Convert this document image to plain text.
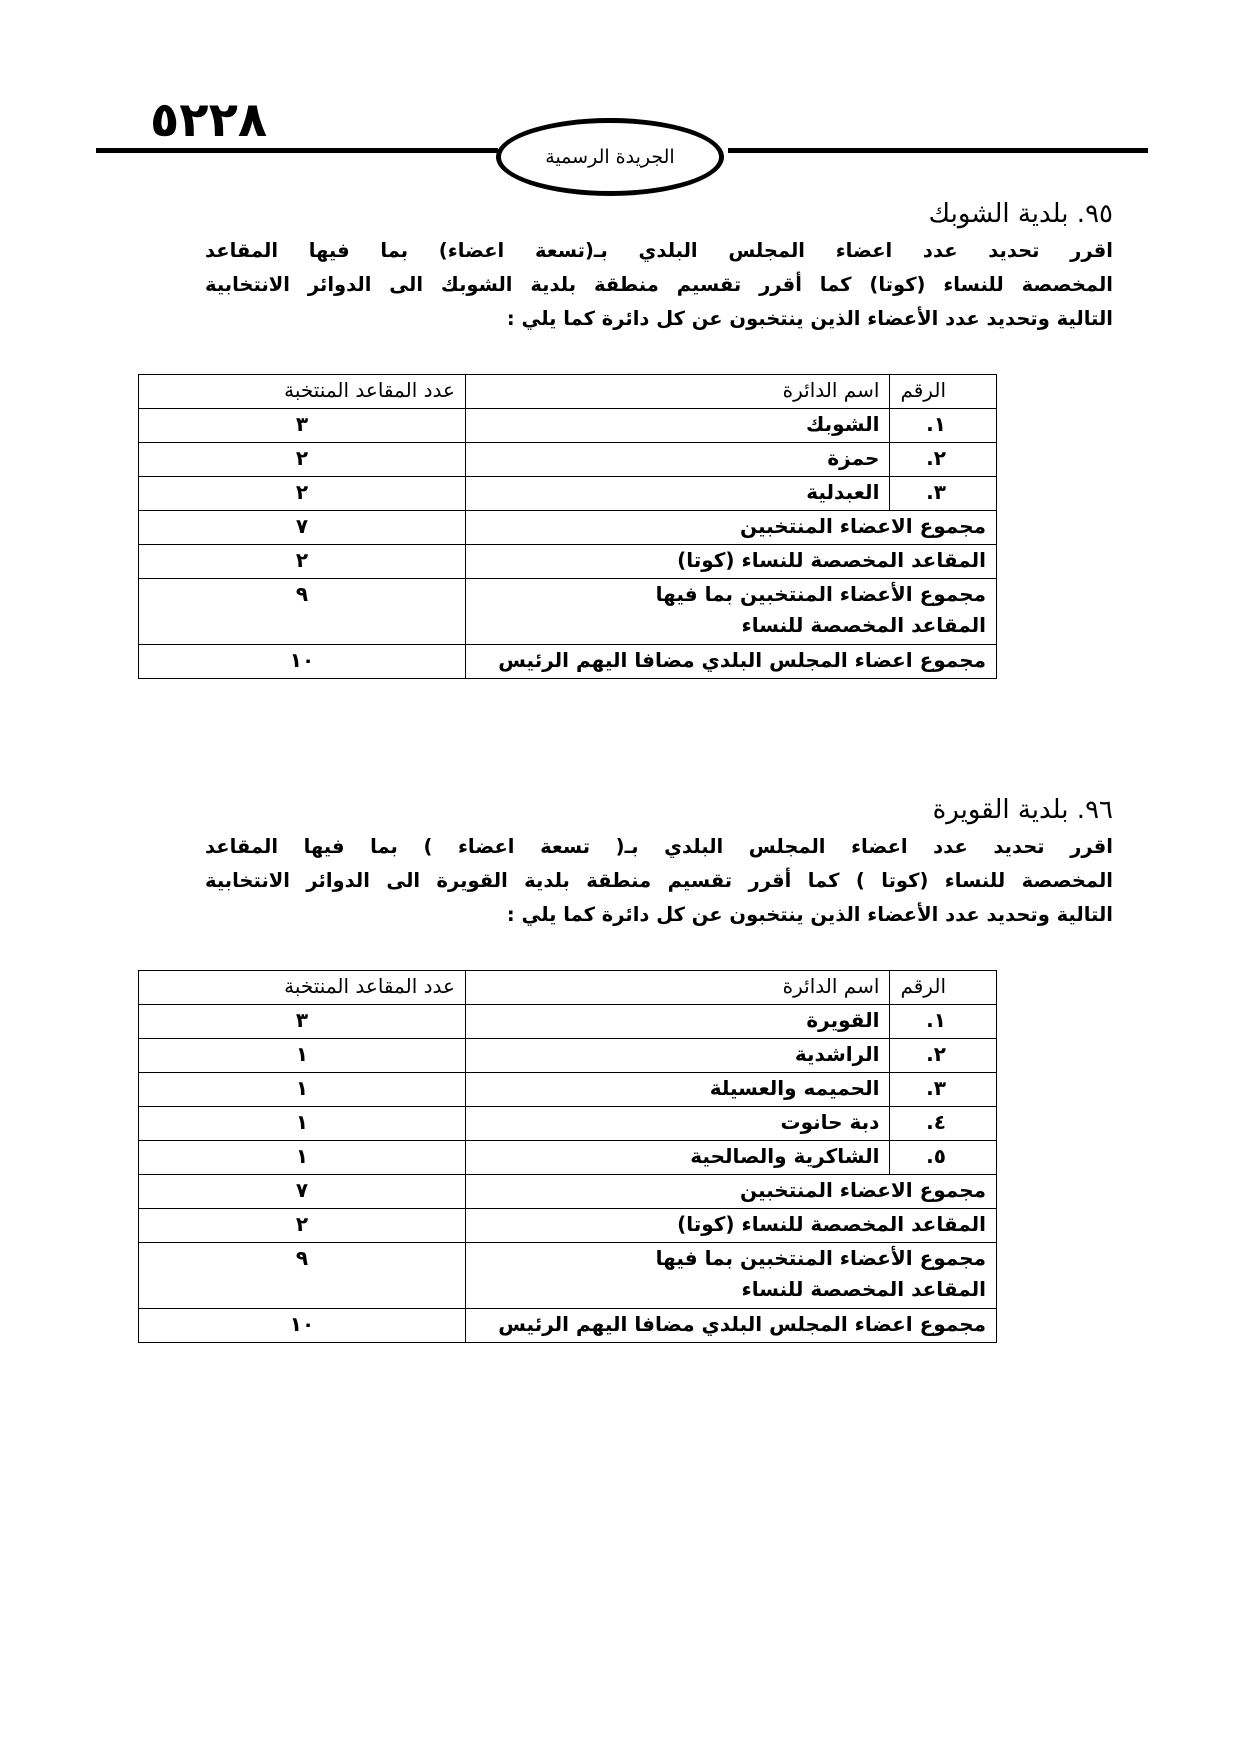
٥٢٢٨
الجريدة الرسمية
٩٥. بلدية الشوبك
اقرر تحديد عدد اعضاء المجلس البلدي بـ(تسعة اعضاء) بما فيها المقاعد
المخصصة للنساء (كوتا) كما أقرر تقسيم منطقة بلدية الشوبك الى الدوائر الانتخابية
التالية وتحديد عدد الأعضاء الذين ينتخبون عن كل دائرة كما يلي :
الرقم	اسم الدائرة	عدد المقاعد المنتخبة
١.	الشوبك	٣
٢.	حمزة	٢
٣.	العبدلية	٢
مجموع الاعضاء المنتخبين		٧
المقاعد المخصصة للنساء (كوتا)		٢
مجموع الأعضاء المنتخبين بما فيها المقاعد المخصصة للنساء		٩
مجموع اعضاء المجلس البلدي مضافا اليهم الرئيس		١٠
٩٦. بلدية القويرة
اقرر تحديد عدد اعضاء المجلس البلدي بـ( تسعة اعضاء ) بما فيها المقاعد
المخصصة للنساء (كوتا ) كما أقرر تقسيم منطقة بلدية القويرة الى الدوائر الانتخابية
التالية وتحديد عدد الأعضاء الذين ينتخبون عن كل دائرة كما يلي :
الرقم	اسم الدائرة	عدد المقاعد المنتخبة
١.	القويرة	٣
٢.	الراشدية	١
٣.	الحميمه والعسيلة	١
٤.	دبة حانوت	١
٥.	الشاكرية والصالحية	١
مجموع الاعضاء المنتخبين		٧
المقاعد المخصصة للنساء (كوتا)		٢
مجموع الأعضاء المنتخبين بما فيها المقاعد المخصصة للنساء		٩
مجموع اعضاء المجلس البلدي مضافا اليهم الرئيس		١٠
